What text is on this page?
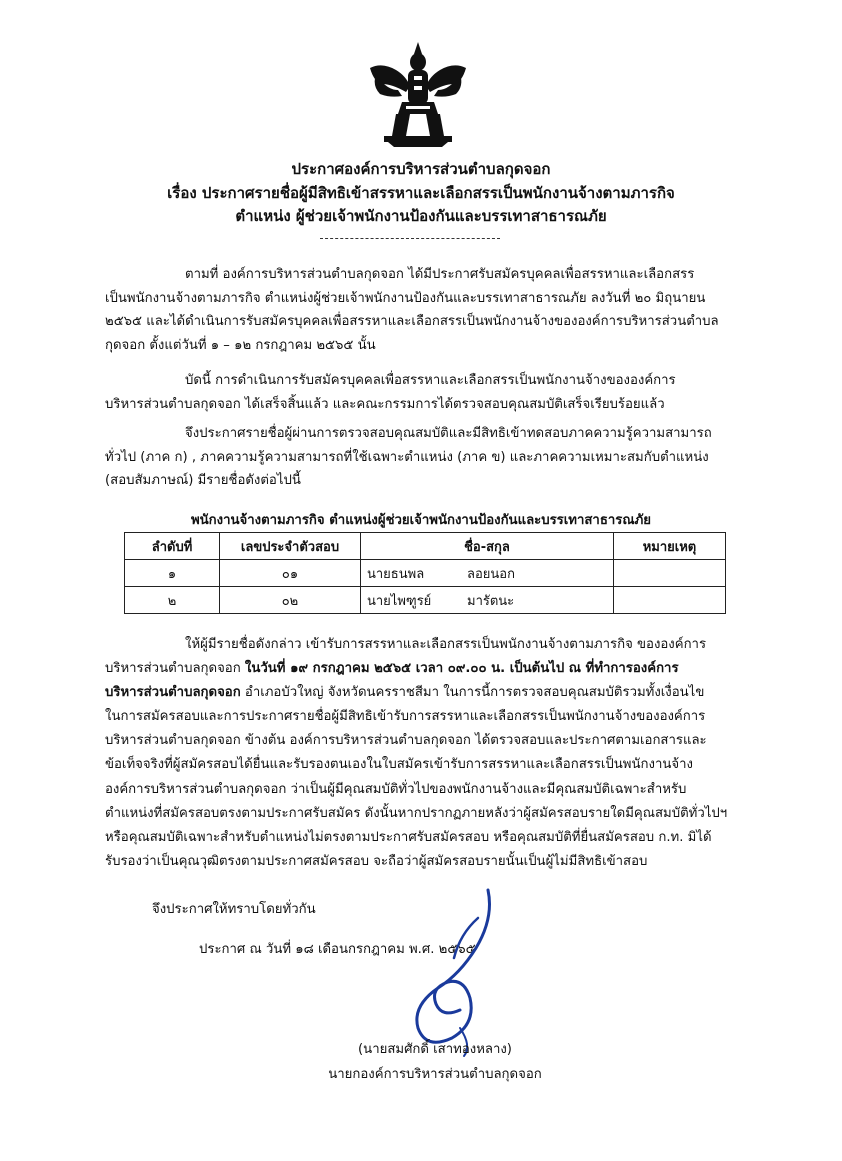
ประกาศองค์การบริหารส่วนตำบลกุดจอก
เรื่อง ประกาศรายชื่อผู้มีสิทธิเข้าสรรหาและเลือกสรรเป็นพนักงานจ้างตามภารกิจ
ตำแหน่ง ผู้ช่วยเจ้าพนักงานป้องกันและบรรเทาสาธารณภัย

ตามที่ องค์การบริหารส่วนตำบลกุดจอก ได้มีประกาศรับสมัครบุคคลเพื่อสรรหาและเลือกสรร

เป็นพนักงานจ้างตามภารกิจ ตำแหน่งผู้ช่วยเจ้าพนักงานป้องกันและบรรเทาสาธารณภัย ลงวันที่ ๒๐ มิถุนายน

๒๕๖๕ และได้ดำเนินการรับสมัครบุคคลเพื่อสรรหาและเลือกสรรเป็นพนักงานจ้างขององค์การบริหารส่วนตำบล

กุดจอก ตั้งแต่วันที่ ๑ – ๑๒ กรกฎาคม ๒๕๖๕ นั้น

บัดนี้ การดำเนินการรับสมัครบุคคลเพื่อสรรหาและเลือกสรรเป็นพนักงานจ้างขององค์การ

บริหารส่วนตำบลกุดจอก ได้เสร็จสิ้นแล้ว และคณะกรรมการได้ตรวจสอบคุณสมบัติเสร็จเรียบร้อยแล้ว

จึงประกาศรายชื่อผู้ผ่านการตรวจสอบคุณสมบัติและมีสิทธิเข้าทดสอบภาคความรู้ความสามารถ

ทั่วไป (ภาค ก) , ภาคความรู้ความสามารถที่ใช้เฉพาะตำแหน่ง (ภาค ข) และภาคความเหมาะสมกับตำแหน่ง

(สอบสัมภาษณ์) มีรายชื่อดังต่อไปนี้

พนักงานจ้างตามภารกิจ ตำแหน่งผู้ช่วยเจ้าพนักงานป้องกันและบรรเทาสาธารณภัย
ลำดับที่	เลขประจำตัวสอบ	ชื่อ-สกุล	หมายเหตุ
๑	๐๑	นายธนพล ลอยนอก	
๒	๐๒	นายไพฑูรย์ มารัตนะ	

ให้ผู้มีรายชื่อดังกล่าว เข้ารับการสรรหาและเลือกสรรเป็นพนักงานจ้างตามภารกิจ ขององค์การ

บริหารส่วนตำบลกุดจอก ในวันที่ ๑๙ กรกฎาคม ๒๕๖๕ เวลา ๐๙.๐๐ น. เป็นต้นไป ณ ที่ทำการองค์การ

บริหารส่วนตำบลกุดจอก อำเภอบัวใหญ่ จังหวัดนครราชสีมา ในการนี้การตรวจสอบคุณสมบัติรวมทั้งเงื่อนไข

ในการสมัครสอบและการประกาศรายชื่อผู้มีสิทธิเข้ารับการสรรหาและเลือกสรรเป็นพนักงานจ้างขององค์การ

บริหารส่วนตำบลกุดจอก ข้างต้น องค์การบริหารส่วนตำบลกุดจอก ได้ตรวจสอบและประกาศตามเอกสารและ

ข้อเท็จจริงที่ผู้สมัครสอบได้ยื่นและรับรองตนเองในใบสมัครเข้ารับการสรรหาและเลือกสรรเป็นพนักงานจ้าง

องค์การบริหารส่วนตำบลกุดจอก ว่าเป็นผู้มีคุณสมบัติทั่วไปของพนักงานจ้างและมีคุณสมบัติเฉพาะสำหรับ

ตำแหน่งที่สมัครสอบตรงตามประกาศรับสมัคร ดังนั้นหากปรากฏภายหลังว่าผู้สมัครสอบรายใดมีคุณสมบัติทั่วไปฯ

หรือคุณสมบัติเฉพาะสำหรับตำแหน่งไม่ตรงตามประกาศรับสมัครสอบ หรือคุณสมบัติที่ยื่นสมัครสอบ ก.ท. มิได้

รับรองว่าเป็นคุณวุฒิตรงตามประกาศสมัครสอบ จะถือว่าผู้สมัครสอบรายนั้นเป็นผู้ไม่มีสิทธิเข้าสอบ

จึงประกาศให้ทราบโดยทั่วกัน
ประกาศ ณ วันที่ ๑๘ เดือนกรกฎาคม พ.ศ. ๒๕๖๕
(นายสมศักดิ์ เสาทองหลาง)
นายกองค์การบริหารส่วนตำบลกุดจอก
